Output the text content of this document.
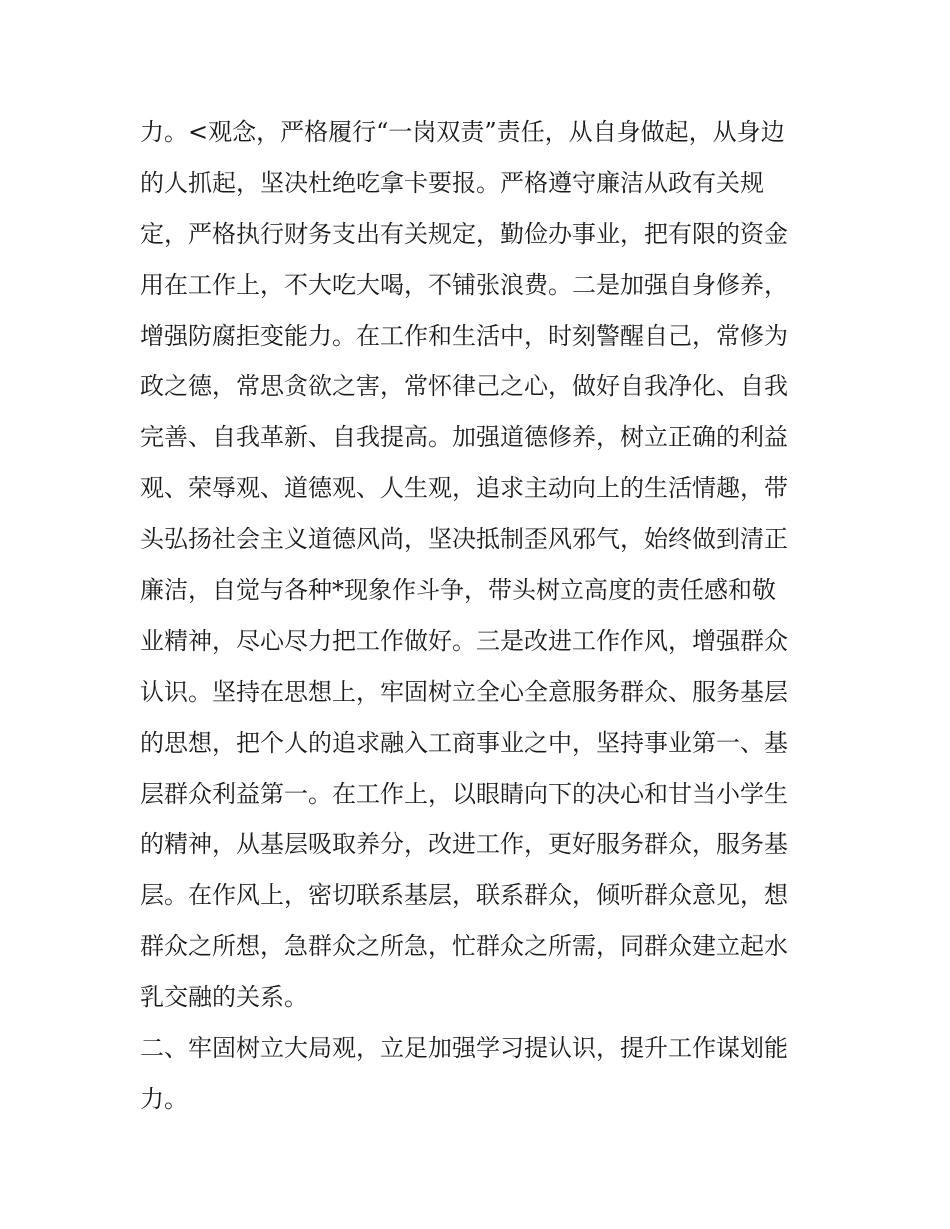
力。<观念，严格履行“一岗双责”责任，从自身做起，从身边
的人抓起，坚决杜绝吃拿卡要报。严格遵守廉洁从政有关规
定，严格执行财务支出有关规定，勤俭办事业，把有限的资金
用在工作上，不大吃大喝，不铺张浪费。二是加强自身修养，
增强防腐拒变能力。在工作和生活中，时刻警醒自己，常修为
政之德，常思贪欲之害，常怀律己之心，做好自我净化、自我
完善、自我革新、自我提高。加强道德修养，树立正确的利益
观、荣辱观、道德观、人生观，追求主动向上的生活情趣，带
头弘扬社会主义道德风尚，坚决抵制歪风邪气，始终做到清正
廉洁，自觉与各种*现象作斗争，带头树立高度的责任感和敬
业精神，尽心尽力把工作做好。三是改进工作作风，增强群众
认识。坚持在思想上，牢固树立全心全意服务群众、服务基层
的思想，把个人的追求融入工商事业之中，坚持事业第一、基
层群众利益第一。在工作上，以眼睛向下的决心和甘当小学生
的精神，从基层吸取养分，改进工作，更好服务群众，服务基
层。在作风上，密切联系基层，联系群众，倾听群众意见，想
群众之所想，急群众之所急，忙群众之所需，同群众建立起水
乳交融的关系。
二、牢固树立大局观，立足加强学习提认识，提升工作谋划能
力。
